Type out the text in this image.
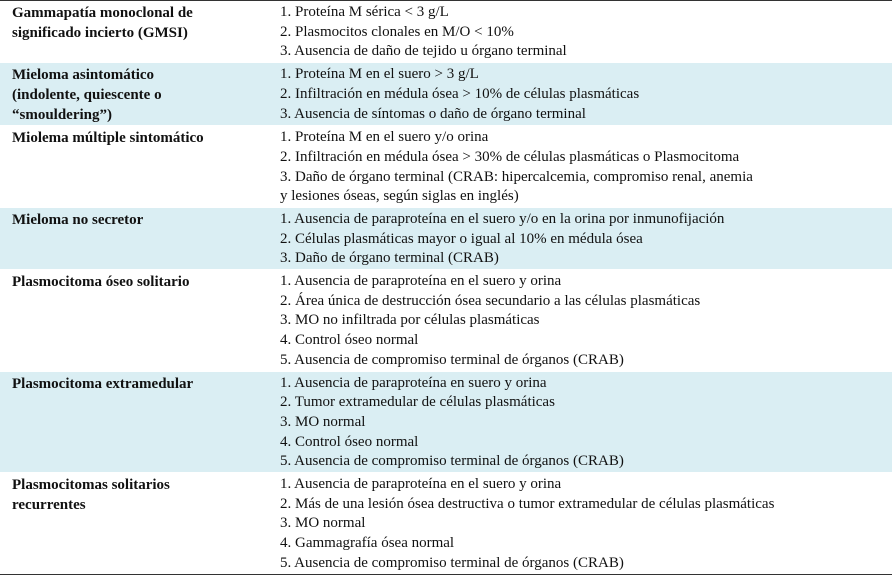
Gammapatía monoclonal de
significado incierto (GMSI)	1. Proteína M sérica < 3 g/L
2. Plasmocitos clonales en M/O < 10%
3. Ausencia de daño de tejido u órgano terminal

Mieloma asintomático
(indolente, quiescente o
“smouldering”)	1. Proteína M en el suero > 3 g/L
2. Infiltración en médula ósea > 10% de células plasmáticas
3. Ausencia de síntomas o daño de órgano terminal

Miolema múltiple sintomático	1. Proteína M en el suero y/o orina
2. Infiltración en médula ósea > 30% de células plasmáticas o Plasmocitoma
3. Daño de órgano terminal (CRAB: hipercalcemia, compromiso renal, anemia
y lesiones óseas, según siglas en inglés)

Mieloma no secretor	1. Ausencia de paraproteína en el suero y/o en la orina por inmunofijación
2. Células plasmáticas mayor o igual al 10% en médula ósea
3. Daño de órgano terminal (CRAB)

Plasmocitoma óseo solitario	1. Ausencia de paraproteína en el suero y orina
2. Área única de destrucción ósea secundario a las células plasmáticas
3. MO no infiltrada por células plasmáticas
4. Control óseo normal
5. Ausencia de compromiso terminal de órganos (CRAB)

Plasmocitoma extramedular	1. Ausencia de paraproteína en suero y orina
2. Tumor extramedular de células plasmáticas
3. MO normal
4. Control óseo normal
5. Ausencia de compromiso terminal de órganos (CRAB)

Plasmocitomas solitarios
recurrentes	1. Ausencia de paraproteína en el suero y orina
2. Más de una lesión ósea destructiva o tumor extramedular de células plasmáticas
3. MO normal
4. Gammagrafía ósea normal
5. Ausencia de compromiso terminal de órganos (CRAB)
